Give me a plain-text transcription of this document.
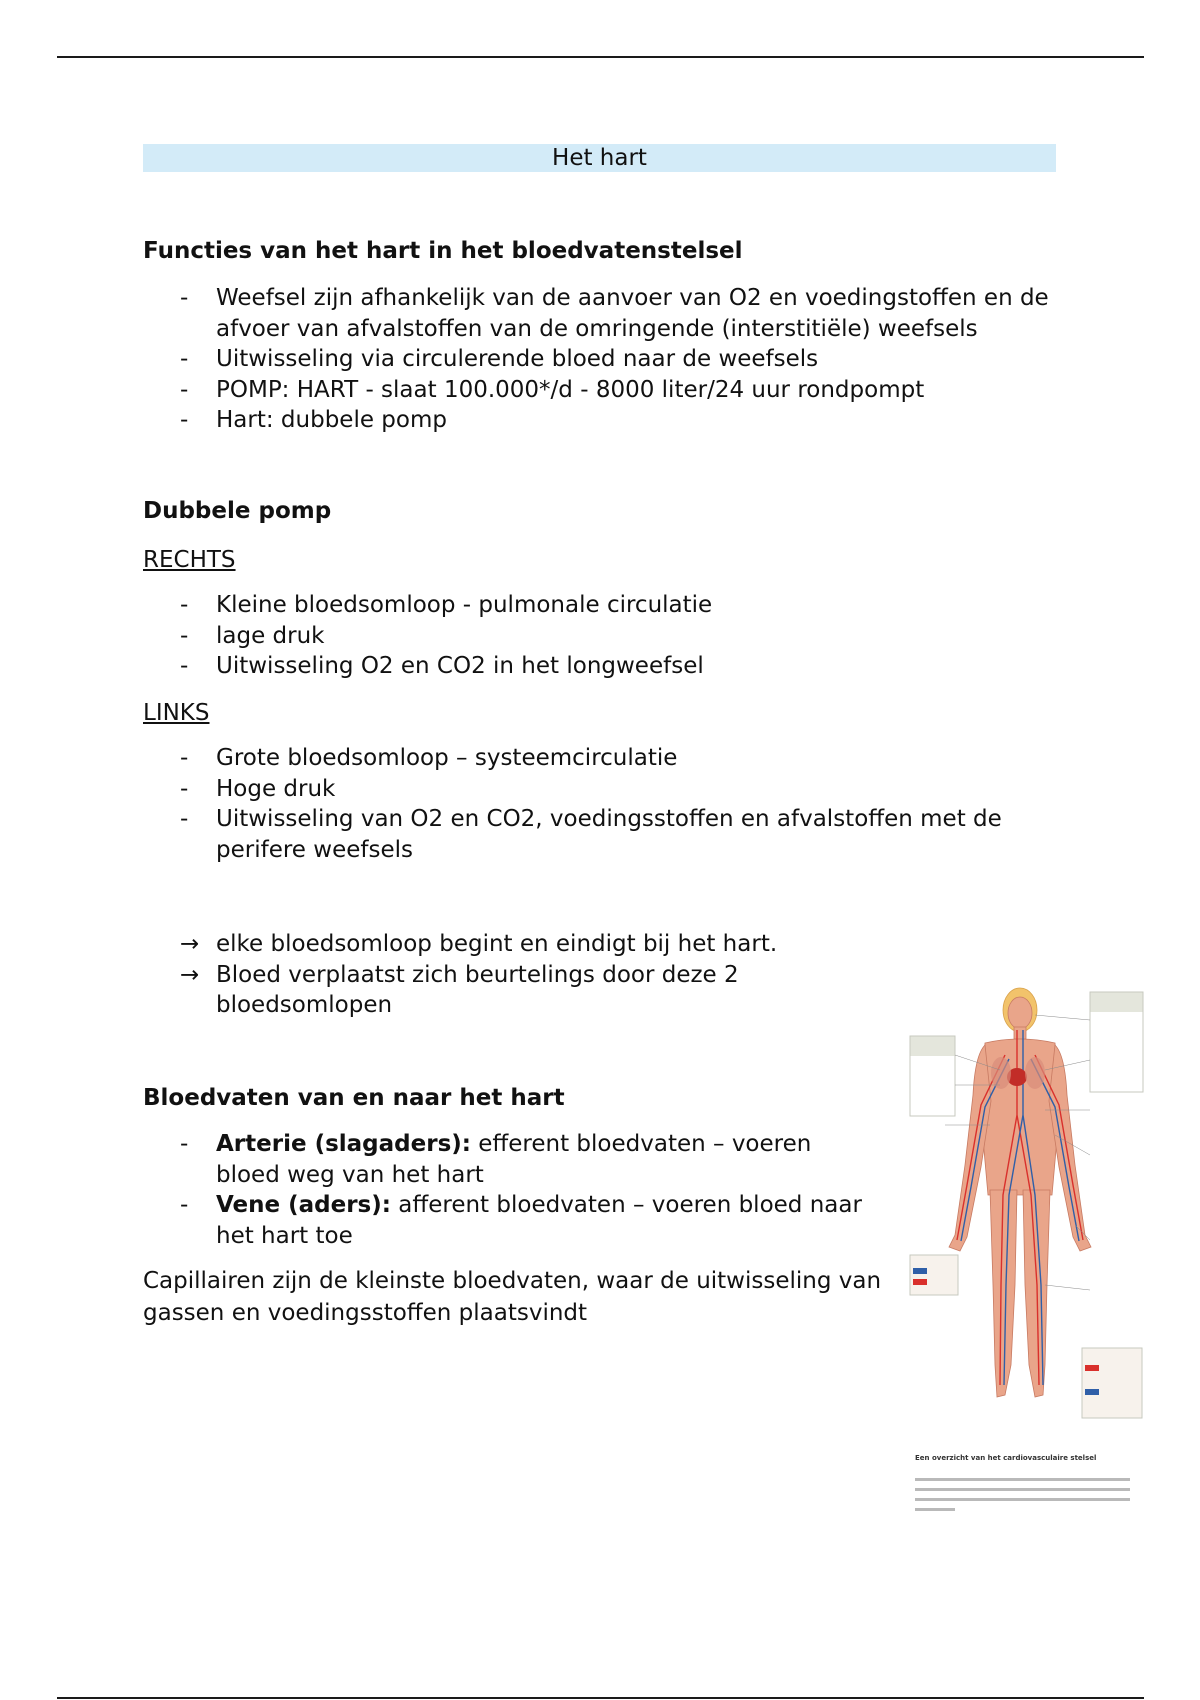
Het hart
Functies van het hart in het bloedvatenstelsel
- Weefsel zijn afhankelijk van de aanvoer van O2 en voedingstoffen en de afvoer van afvalstoffen van de omringende (interstitiële) weefsels
- Uitwisseling via circulerende bloed naar de weefsels
- POMP: HART - slaat 100.000*/d - 8000 liter/24 uur rondpompt
- Hart: dubbele pomp
Dubbele pomp
RECHTS
- Kleine bloedsomloop - pulmonale circulatie
- lage druk
- Uitwisseling O2 en CO2 in het longweefsel
LINKS
- Grote bloedsomloop – systeemcirculatie
- Hoge druk
- Uitwisseling van O2 en CO2, voedingsstoffen en afvalstoffen met de perifere weefsels
→ elke bloedsomloop begint en eindigt bij het hart.
→ Bloed verplaatst zich beurtelings door deze 2 bloedsomlopen
Bloedvaten van en naar het hart
- Arterie (slagaders): efferent bloedvaten – voeren bloed weg van het hart
- Vene (aders): afferent bloedvaten – voeren bloed naar het hart toe

Capillairen zijn de kleinste bloedvaten, waar de uitwisseling van gassen en voedingsstoffen plaatsvindt

Een overzicht van het cardiovasculaire stelsel
